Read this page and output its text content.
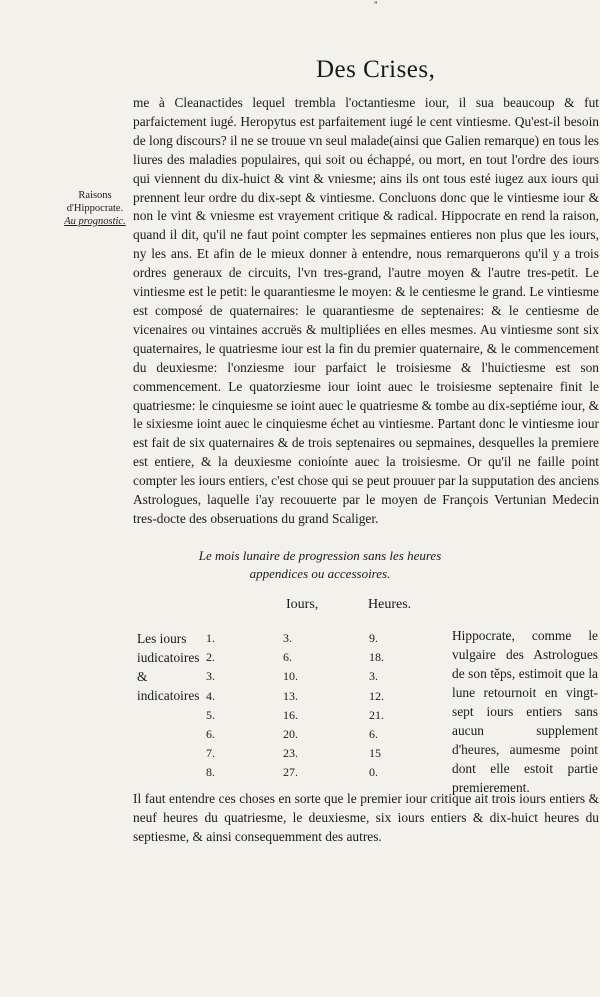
"
Des Crises,
Raisons d'Hippocrate.
Au prognostic.

me à Cleanactides lequel trembla l'octantiesme iour, il sua beaucoup & fut parfaictement iugé. Heropytus est parfaitement iugé le cent vintiesme. Qu'est-il besoin de long discours? il ne se trouue vn seul malade(ainsi que Galien remarque) en tous les liures des maladies populaires, qui soit ou échappé, ou mort, en tout l'ordre des iours qui viennent du dix-huict & vint & vniesme; ains ils ont tous esté iugez aux iours qui prennent leur ordre du dix-sept & vintiesme. Concluons donc que le vintiesme iour & non le vint & vniesme est vrayement critique & radical. Hippocrate en rend la raison, quand il dit, qu'il ne faut point compter les sepmaines entieres non plus que les iours, ny les ans. Et afin de le mieux donner à entendre, nous remarquerons qu'il y a trois ordres generaux de circuits, l'vn tres-grand, l'autre moyen & l'autre tres-petit. Le vintiesme est le petit: le quarantiesme le moyen: & le centiesme le grand. Le vintiesme est composé de quaternaires: le quarantiesme de septenaires: & le centiesme de vicenaires ou vintaines accruës & multipliées en elles mesmes. Au vintiesme sont six quaternaires, le quatriesme iour est la fin du premier quaternaire, & le commencement du deuxiesme: l'onziesme iour parfaict le troisiesme & l'huictiesme est son commencement. Le quatorziesme iour ioint auec le troisiesme septenaire finit le quatriesme: le cinquiesme se ioint auec le quatriesme & tombe au dix-septiéme iour, & le sixiesme ioint auec le cinquiesme échet au vintiesme. Partant donc le vintiesme iour est fait de six quaternaires & de trois septenaires ou sepmaines, desquelles la premiere est entiere, & la deuxiesme conioínte auec la troisiesme. Or qu'il ne faille point compter les iours entiers, c'est chose qui se peut prouuer par la supputation des anciens Astrologues, laquelle i'ay recouuerte par le moyen de François Vertunian Medecin tres-docte des obseruations du grand Scaliger.

Le mois lunaire de progression sans les heures
appendices ou accessoires.
Iours,	Heures.
Les iours iudicatoires & indicatoires
1.	3.	9.
2.	6.	18.
3.	10.	3.
4.	13.	12.
5.	16.	21.
6.	20.	6.
7.	23.	15
8.	27.	0.

Hippocrate, comme le vulgaire des Astrologues de son těps, estimoit que la lune retournoit en vingt-sept iours entiers sans aucun supplement d'heures, aumesme point dont elle estoit partie premierement.

Il faut entendre ces choses en sorte que le premier iour critique ait trois iours entiers & neuf heures du quatriesme, le deuxiesme, six iours entiers & dix-huict heures du septiesme, & ainsi consequemment des autres.
